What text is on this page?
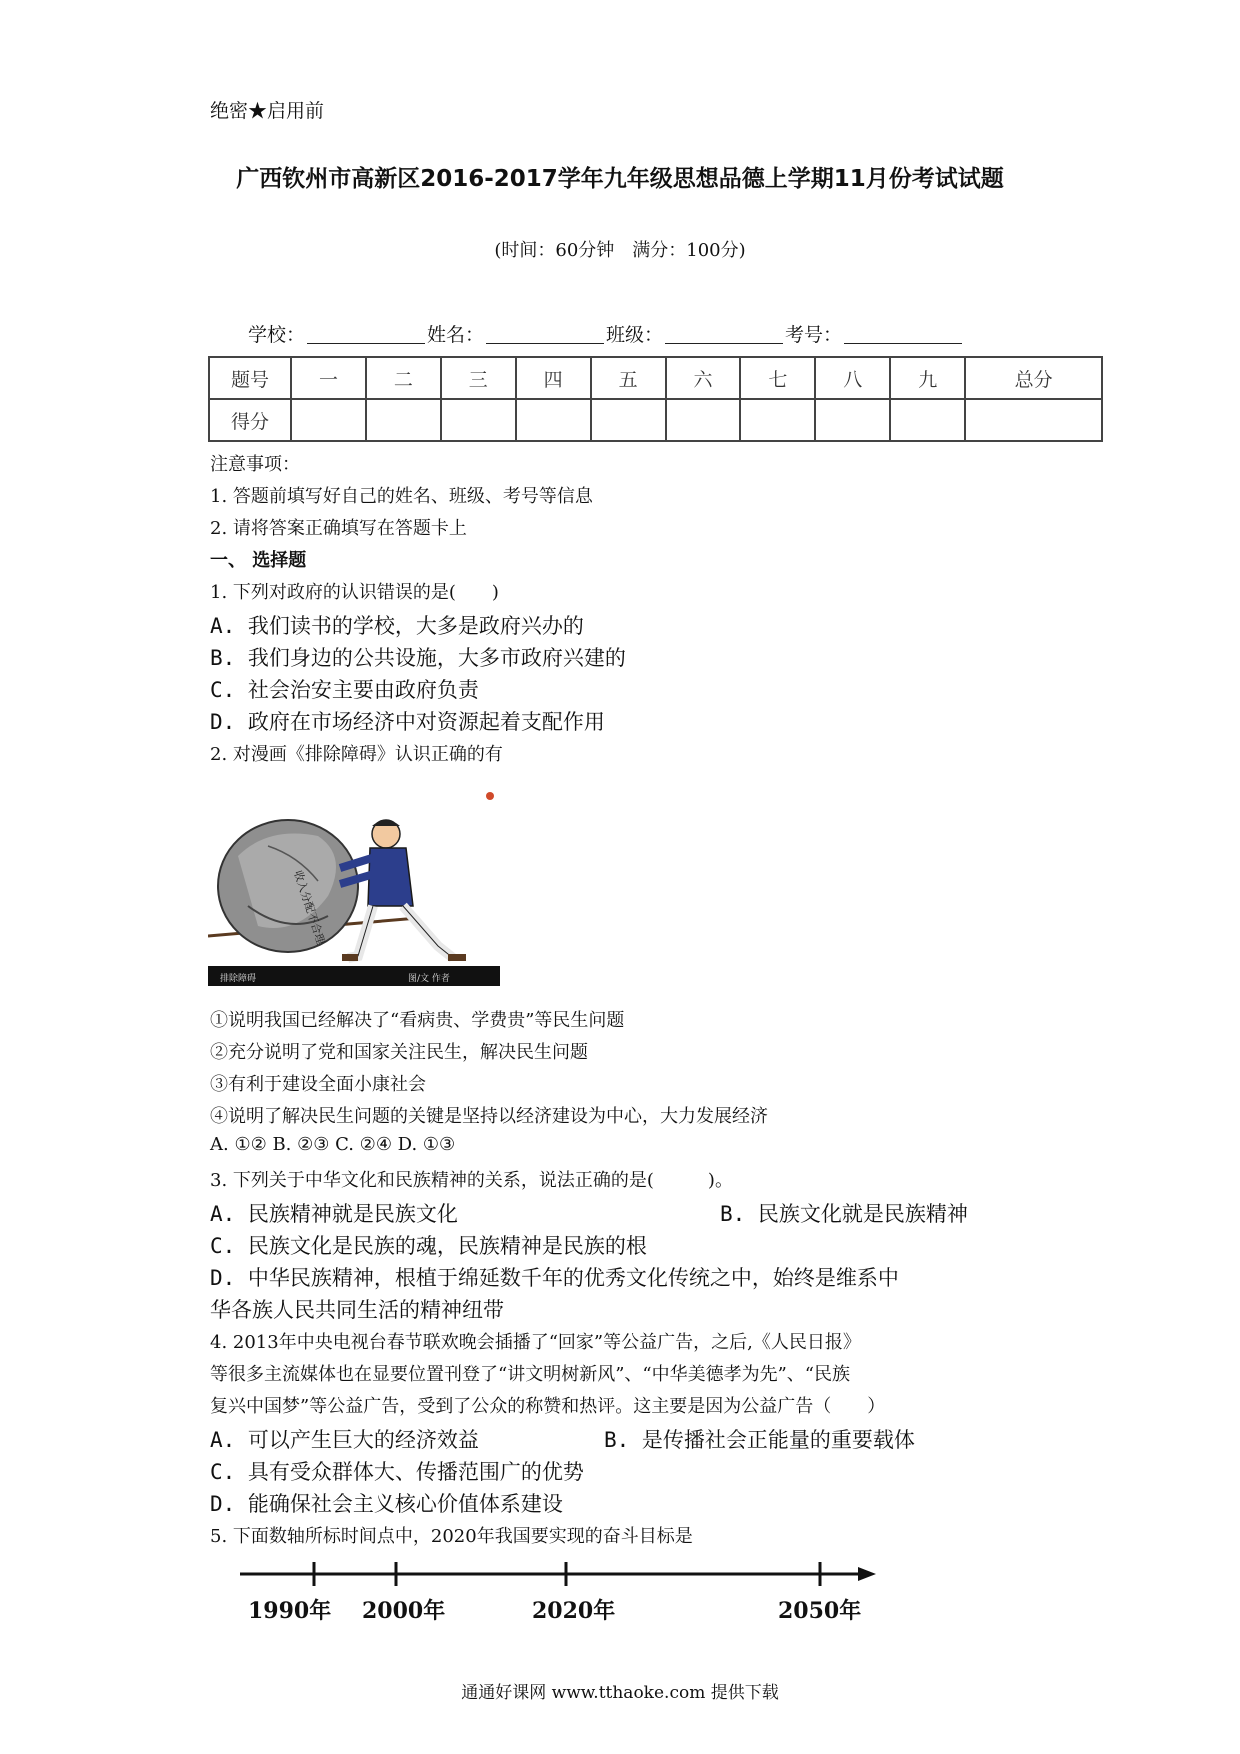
绝密★启用前
广西钦州市高新区2016-2017学年九年级思想品德上学期11月份考试试题
(时间：60分钟　满分：100分)
学校：	姓名：	班级：	考号：
题号	一	二	三	四	五	六	七	八	九	总分
得分										
注意事项：
1. 答题前填写好自己的姓名、班级、考号等信息
2. 请将答案正确填写在答题卡上
一、 选择题
1. 下列对政府的认识错误的是(　　)
A. 我们读书的学校，大多是政府兴办的
B. 我们身边的公共设施，大多市政府兴建的
C. 社会治安主要由政府负责
D. 政府在市场经济中对资源起着支配作用
2. 对漫画《排除障碍》认识正确的有
收入分配不合理
排除障碍	图/文 作者
①说明我国已经解决了“看病贵、学费贵”等民生问题
②充分说明了党和国家关注民生，解决民生问题
③有利于建设全面小康社会
④说明了解决民生问题的关键是坚持以经济建设为中心，大力发展经济
A. ①② B. ②③ C. ②④ D. ①③
3. 下列关于中华文化和民族精神的关系，说法正确的是(　　　)。
A. 民族精神就是民族文化	B. 民族文化就是民族精神
C. 民族文化是民族的魂，民族精神是民族的根
D. 中华民族精神，根植于绵延数千年的优秀文化传统之中，始终是维系中
华各族人民共同生活的精神纽带
4. 2013年中央电视台春节联欢晚会插播了“回家”等公益广告，之后,《人民日报》
等很多主流媒体也在显要位置刊登了“讲文明树新风”、“中华美德孝为先”、“民族
复兴中国梦”等公益广告，受到了公众的称赞和热评。这主要是因为公益广告（　　）
A. 可以产生巨大的经济效益	B. 是传播社会正能量的重要载体
C. 具有受众群体大、传播范围广的优势
D. 能确保社会主义核心价值体系建设
5. 下面数轴所标时间点中，2020年我国要实现的奋斗目标是
1990年 2000年	2020年	2050年
通通好课网 www.tthaoke.com 提供下载
